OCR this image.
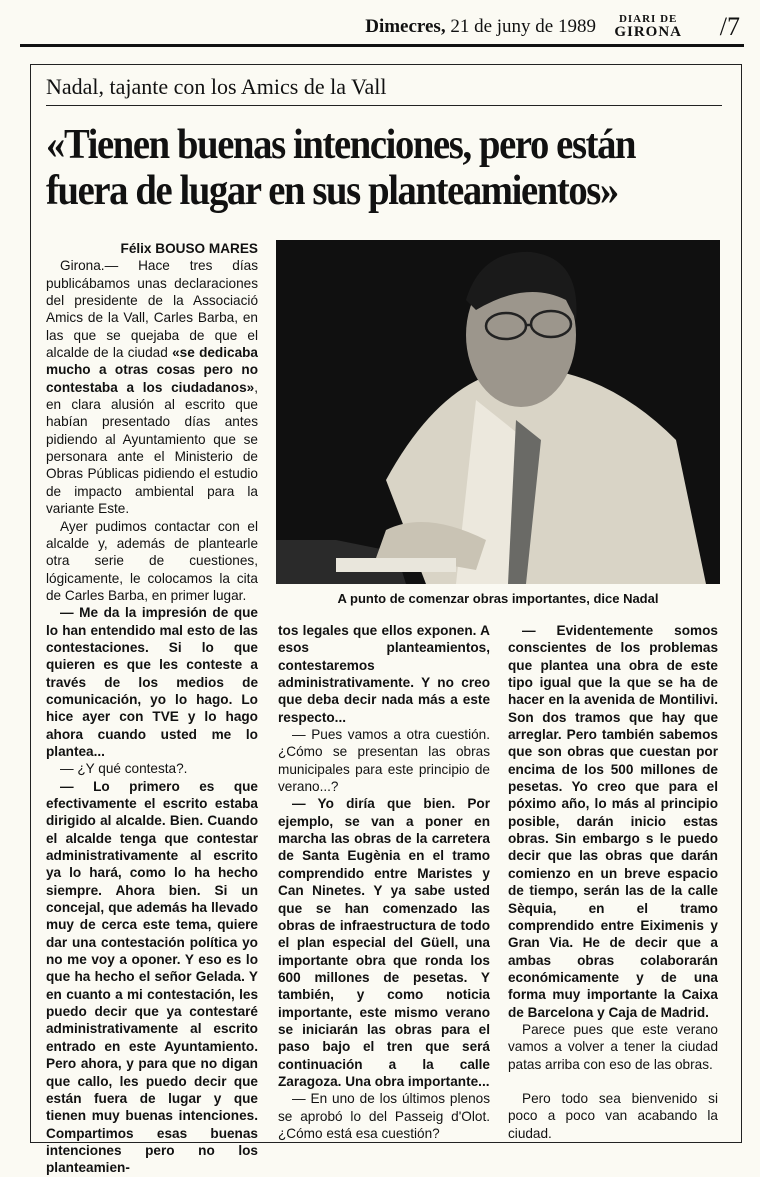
Dimecres, 21 de juny de 1989	DIARI DE
GIRONA /7
Nadal, tajante con los Amics de la Vall
«Tienen buenas intenciones, pero están
fuera de lugar en sus planteamientos»

Félix BOUSO MARES

Girona.— Hace tres días publicábamos unas declaraciones del presidente de la Associació Amics de la Vall, Carles Barba, en las que se quejaba de que el alcalde de la ciudad «se dedicaba mucho a otras cosas pero no contestaba a los ciudadanos», en clara alusión al escrito que habían presentado días antes pidiendo al Ayuntamiento que se personara ante el Ministerio de Obras Públicas pidiendo el estudio de impacto ambiental para la variante Este.

Ayer pudimos contactar con el alcalde y, además de plantearle otra serie de cuestiones, lógicamente, le colocamos la cita de Carles Barba, en primer lugar.

— Me da la impresión de que lo han entendido mal esto de las contestaciones. Si lo que quieren es que les conteste a través de los medios de comunicación, yo lo hago. Lo hice ayer con TVE y lo hago ahora cuando usted me lo plantea...

— ¿Y qué contesta?.

— Lo primero es que efectivamente el escrito estaba dirigido al alcalde. Bien. Cuando el alcalde tenga que contestar administrativamente al escrito ya lo hará, como lo ha hecho siempre. Ahora bien. Si un concejal, que además ha llevado muy de cerca este tema, quiere dar una contestación política yo no me voy a oponer. Y eso es lo que ha hecho el señor Gelada. Y en cuanto a mi contestación, les puedo decir que ya contestaré administrativamente al escrito entrado en este Ayuntamiento. Pero ahora, y para que no digan que callo, les puedo decir que están fuera de lugar y que tienen muy buenas intenciones. Compartimos esas buenas intenciones pero no los planteamien-

A punto de comenzar obras importantes, dice Nadal

tos legales que ellos exponen. A esos planteamientos, contestaremos administrativamente. Y no creo que deba decir nada más a este respecto...

— Pues vamos a otra cuestión. ¿Cómo se presentan las obras municipales para este principio de verano...?

— Yo diría que bien. Por ejemplo, se van a poner en marcha las obras de la carretera de Santa Eugènia en el tramo comprendido entre Maristes y Can Ninetes. Y ya sabe usted que se han comenzado las obras de infraestructura de todo el plan especial del Güell, una importante obra que ronda los 600 millones de pesetas. Y también, y como noticia importante, este mismo verano se iniciarán las obras para el paso bajo el tren que será continuación a la calle Zaragoza. Una obra importante...

— En uno de los últimos plenos se aprobó lo del Passeig d'Olot. ¿Cómo está esa cuestión?

— Evidentemente somos conscientes de los problemas que plantea una obra de este tipo igual que la que se ha de hacer en la avenida de Montilivi. Son dos tramos que hay que arreglar. Pero también sabemos que son obras que cuestan por encima de los 500 millones de pesetas. Yo creo que para el póximo año, lo más al principio posible, darán inicio estas obras. Sin embargo s le puedo decir que las obras que darán comienzo en un breve espacio de tiempo, serán las de la calle Sèquia, en el tramo comprendido entre Eiximenis y Gran Via. He de decir que a ambas obras colaborarán económicamente y de una forma muy importante la Caixa de Barcelona y Caja de Madrid.

Parece pues que este verano vamos a volver a tener la ciudad patas arriba con eso de las obras.

Pero todo sea bienvenido si poco a poco van acabando la ciudad.
